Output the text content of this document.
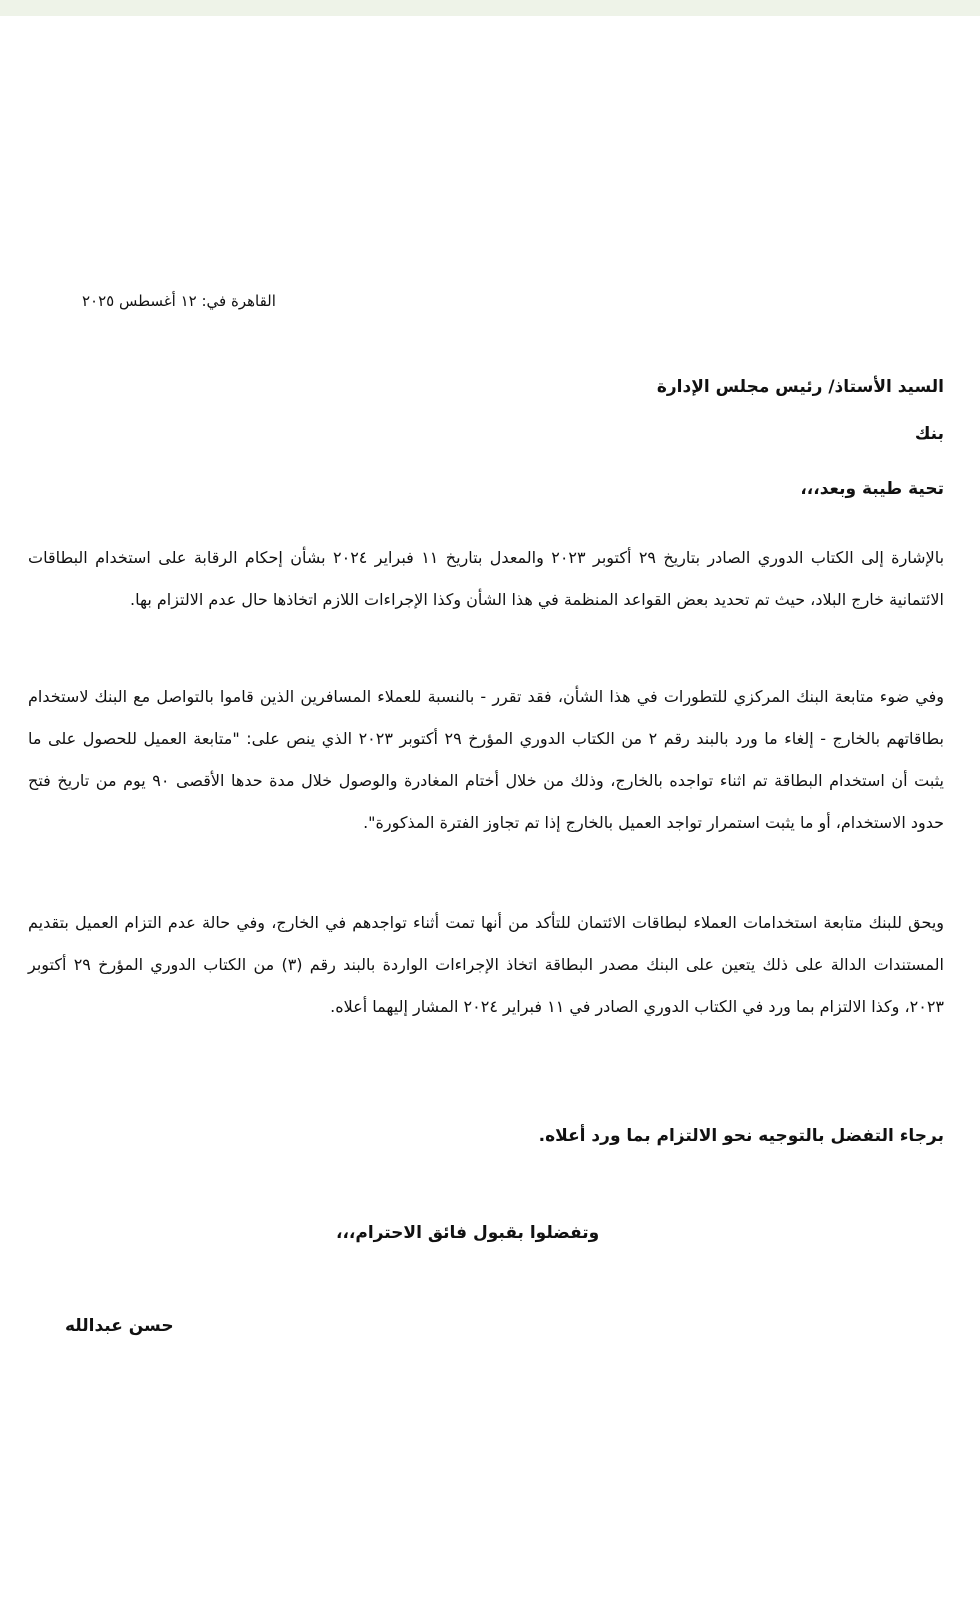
القاهرة في: ١٢ أغسطس ٢٠٢٥
السيد الأستاذ/ رئيس مجلس الإدارة
بنك
تحية طيبة وبعد،،،

بالإشارة إلى الكتاب الدوري الصادر بتاريخ ٢٩ أكتوبر ٢٠٢٣ والمعدل بتاريخ ١١ فبراير ٢٠٢٤ بشأن إحكام الرقابة على استخدام البطاقات الائتمانية خارج البلاد، حيث تم تحديد بعض القواعد المنظمة في هذا الشأن وكذا الإجراءات اللازم اتخاذها حال عدم الالتزام بها.

وفي ضوء متابعة البنك المركزي للتطورات في هذا الشأن، فقد تقرر - بالنسبة للعملاء المسافرين الذين قاموا بالتواصل مع البنك لاستخدام بطاقاتهم بالخارج - إلغاء ما ورد بالبند رقم ٢ من الكتاب الدوري المؤرخ ٢٩ أكتوبر ٢٠٢٣ الذي ينص على: "متابعة العميل للحصول على ما يثبت أن استخدام البطاقة تم اثناء تواجده بالخارج، وذلك من خلال أختام المغادرة والوصول خلال مدة حدها الأقصى ٩٠ يوم من تاريخ فتح حدود الاستخدام، أو ما يثبت استمرار تواجد العميل بالخارج إذا تم تجاوز الفترة المذكورة".

ويحق للبنك متابعة استخدامات العملاء لبطاقات الائتمان للتأكد من أنها تمت أثناء تواجدهم في الخارج، وفي حالة عدم التزام العميل بتقديم المستندات الدالة على ذلك يتعين على البنك مصدر البطاقة اتخاذ الإجراءات الواردة بالبند رقم (٣) من الكتاب الدوري المؤرخ ٢٩ أكتوبر ٢٠٢٣، وكذا الالتزام بما ورد في الكتاب الدوري الصادر في ١١ فبراير ٢٠٢٤ المشار إليهما أعلاه.

برجاء التفضل بالتوجيه نحو الالتزام بما ورد أعلاه.
وتفضلوا بقبول فائق الاحترام،،،
حسن عبدالله
